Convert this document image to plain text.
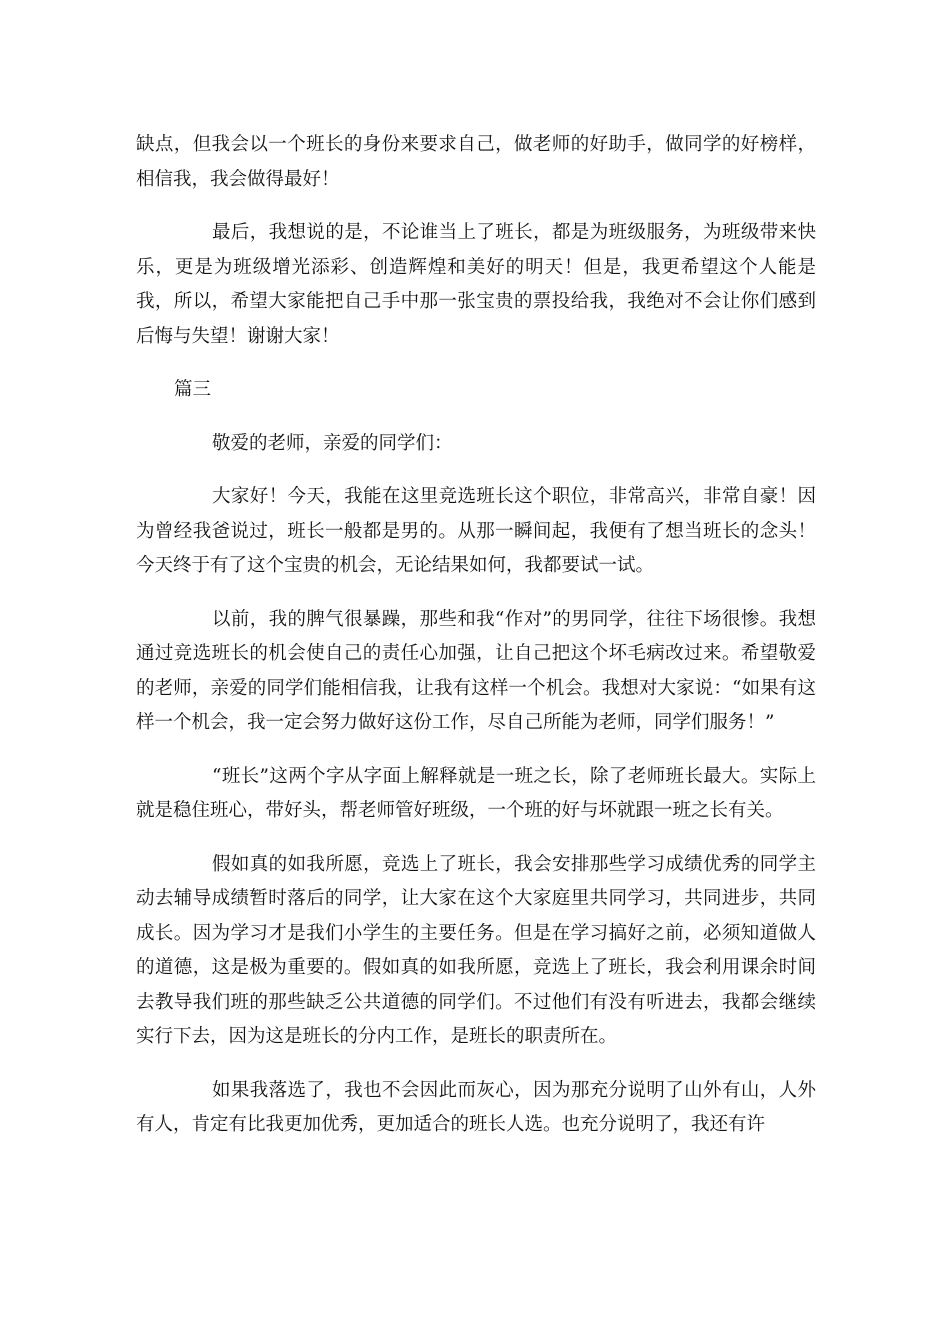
缺点，但我会以一个班长的身份来要求自己，做老师的好助手，做同学的好榜样，相信我，我会做得最好！

最后，我想说的是，不论谁当上了班长，都是为班级服务，为班级带来快乐，更是为班级增光添彩、创造辉煌和美好的明天！但是，我更希望这个人能是我，所以，希望大家能把自己手中那一张宝贵的票投给我，我绝对不会让你们感到后悔与失望！谢谢大家！

篇三

敬爱的老师，亲爱的同学们：

大家好！今天，我能在这里竞选班长这个职位，非常高兴，非常自豪！因为曾经我爸说过，班长一般都是男的。从那一瞬间起，我便有了想当班长的念头！今天终于有了这个宝贵的机会，无论结果如何，我都要试一试。

以前，我的脾气很暴躁，那些和我“作对”的男同学，往往下场很惨。我想通过竞选班长的机会使自己的责任心加强，让自己把这个坏毛病改过来。希望敬爱的老师，亲爱的同学们能相信我，让我有这样一个机会。我想对大家说：“如果有这样一个机会，我一定会努力做好这份工作，尽自己所能为老师，同学们服务！”

“班长”这两个字从字面上解释就是一班之长，除了老师班长最大。实际上就是稳住班心，带好头，帮老师管好班级，一个班的好与坏就跟一班之长有关。

假如真的如我所愿，竞选上了班长，我会安排那些学习成绩优秀的同学主动去辅导成绩暂时落后的同学，让大家在这个大家庭里共同学习，共同进步，共同成长。因为学习才是我们小学生的主要任务。但是在学习搞好之前，必须知道做人的道德，这是极为重要的。假如真的如我所愿，竞选上了班长，我会利用课余时间去教导我们班的那些缺乏公共道德的同学们。不过他们有没有听进去，我都会继续实行下去，因为这是班长的分内工作，是班长的职责所在。

如果我落选了，我也不会因此而灰心，因为那充分说明了山外有山，人外有人，肯定有比我更加优秀，更加适合的班长人选。也充分说明了，我还有许
